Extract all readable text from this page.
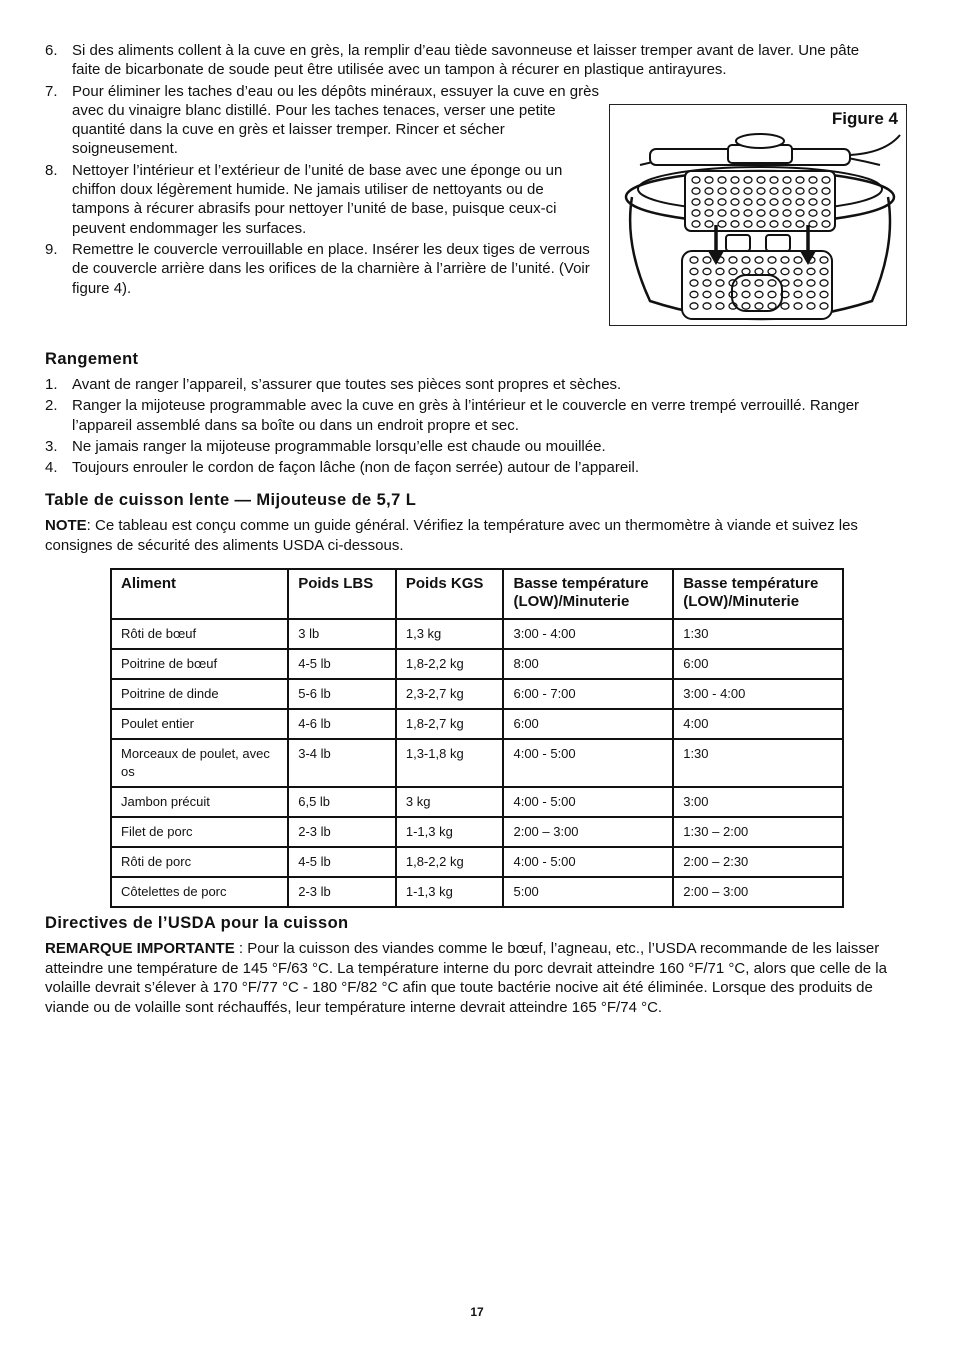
6. Si des aliments collent à la cuve en grès, la remplir d’eau tiède savonneuse et laisser tremper avant de laver. Une pâte faite de bicarbonate de soude peut être utilisée avec un tampon à récurer en plastique antirayures.
7. Pour éliminer les taches d’eau ou les dépôts minéraux, essuyer la cuve en grès avec du vinaigre blanc distillé. Pour les taches tenaces, verser une petite quantité dans la cuve en grès et laisser tremper. Rincer et sécher soigneusement.
8. Nettoyer l’intérieur et l’extérieur de l’unité de base avec une éponge ou un chiffon doux légèrement humide. Ne jamais utiliser de nettoyants ou de tampons à récurer abrasifs pour nettoyer l’unité de base, puisque ceux-ci peuvent endommager les surfaces.
9. Remettre le couvercle verrouillable en place. Insérer les deux tiges de verrous de couvercle arrière dans les orifices de la charnière à l’arrière de l’unité. (Voir figure 4).
Figure 4
Rangement
1. Avant de ranger l’appareil, s’assurer que toutes ses pièces sont propres et sèches.
2. Ranger la mijoteuse programmable avec la cuve en grès à l’intérieur et le couvercle en verre trempé verrouillé. Ranger l’appareil assemblé dans sa boîte ou dans un endroit propre et sec.
3. Ne jamais ranger la mijoteuse programmable lorsqu’elle est chaude ou mouillée.
4. Toujours enrouler le cordon de façon lâche (non de façon serrée) autour de l’appareil.
Table de cuisson lente — Mijouteuse de 5,7 L

NOTE: Ce tableau est conçu comme un guide général. Vérifiez la température avec un thermomètre à viande et suivez les consignes de sécurité des aliments USDA ci-dessous.

Aliment	Poids LBS	Poids KGS	Basse température (LOW)/Minuterie	Basse température (LOW)/Minuterie
Rôti de bœuf	3 lb	1,3 kg	3:00 - 4:00	1:30
Poitrine de bœuf	4-5 lb	1,8-2,2 kg	8:00	6:00
Poitrine de dinde	5-6 lb	2,3-2,7 kg	6:00 - 7:00	3:00 - 4:00
Poulet entier	4-6 lb	1,8-2,7 kg	6:00	4:00
Morceaux de poulet, avec os	3-4 lb	1,3-1,8 kg	4:00 - 5:00	1:30
Jambon précuit	6,5 lb	3 kg	4:00 - 5:00	3:00
Filet de porc	2-3 lb	1-1,3 kg	2:00 – 3:00	1:30 – 2:00
Rôti de porc	4-5 lb	1,8-2,2 kg	4:00 - 5:00	2:00 – 2:30
Côtelettes de porc	2-3 lb	1-1,3 kg	5:00	2:00 – 3:00
Directives de l’USDA pour la cuisson

REMARQUE IMPORTANTE : Pour la cuisson des viandes comme le bœuf, l’agneau, etc., l’USDA recommande de les laisser atteindre une température de 145 °F/63 °C. La température interne du porc devrait atteindre 160 °F/71 °C, alors que celle de la volaille devrait s’élever à 170 °F/77 °C - 180 °F/82 °C afin que toute bactérie nocive ait été éliminée. Lorsque des produits de viande ou de volaille sont réchauffés, leur température interne devrait atteindre 165 °F/74 °C.

17
